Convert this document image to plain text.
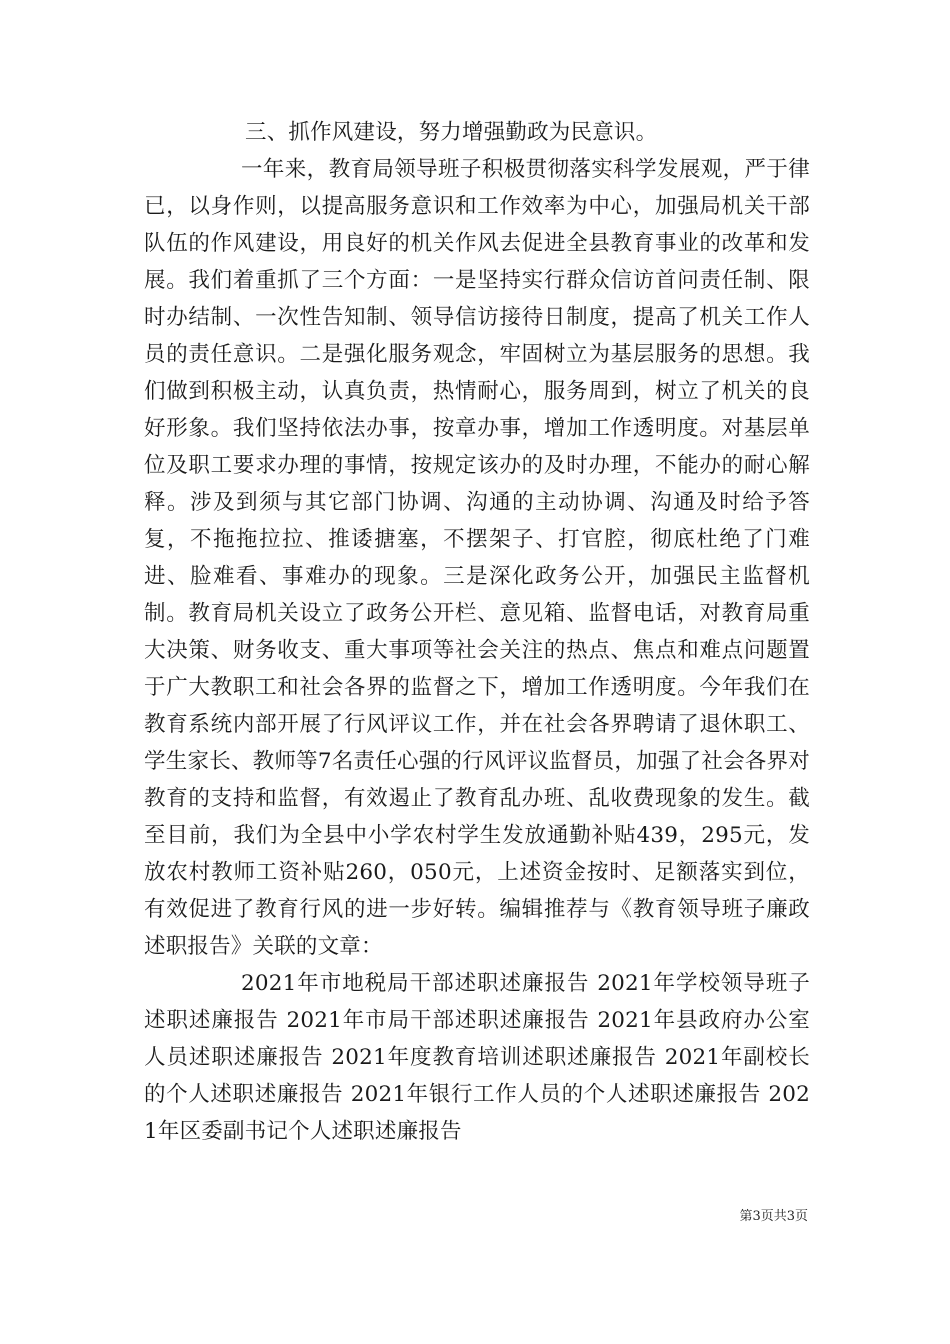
三、抓作风建设，努力增强勤政为民意识。

一年来，教育局领导班子积极贯彻落实科学发展观，严于律已，以身作则，以提高服务意识和工作效率为中心，加强局机关干部队伍的作风建设，用良好的机关作风去促进全县教育事业的改革和发展。我们着重抓了三个方面：一是坚持实行群众信访首问责任制、限时办结制、一次性告知制、领导信访接待日制度，提高了机关工作人员的责任意识。二是强化服务观念，牢固树立为基层服务的思想。我们做到积极主动，认真负责，热情耐心，服务周到，树立了机关的良好形象。我们坚持依法办事，按章办事，增加工作透明度。对基层单位及职工要求办理的事情，按规定该办的及时办理，不能办的耐心解释。涉及到须与其它部门协调、沟通的主动协调、沟通及时给予答复，不拖拖拉拉、推诿搪塞，不摆架子、打官腔，彻底杜绝了门难进、脸难看、事难办的现象。三是深化政务公开，加强民主监督机制。教育局机关设立了政务公开栏、意见箱、监督电话，对教育局重大决策、财务收支、重大事项等社会关注的热点、焦点和难点问题置于广大教职工和社会各界的监督之下，增加工作透明度。今年我们在教育系统内部开展了行风评议工作，并在社会各界聘请了退休职工、学生家长、教师等7名责任心强的行风评议监督员，加强了社会各界对教育的支持和监督，有效遏止了教育乱办班、乱收费现象的发生。截至目前，我们为全县中小学农村学生发放通勤补贴439，295元，发放农村教师工资补贴260，050元，上述资金按时、足额落实到位，有效促进了教育行风的进一步好转。编辑推荐与《教育领导班子廉政述职报告》关联的文章：

2021年市地税局干部述职述廉报告 2021年学校领导班子述职述廉报告 2021年市局干部述职述廉报告 2021年县政府办公室人员述职述廉报告 2021年度教育培训述职述廉报告 2021年副校长的个人述职述廉报告 2021年银行工作人员的个人述职述廉报告 2021年区委副书记个人述职述廉报告

第3页共3页
